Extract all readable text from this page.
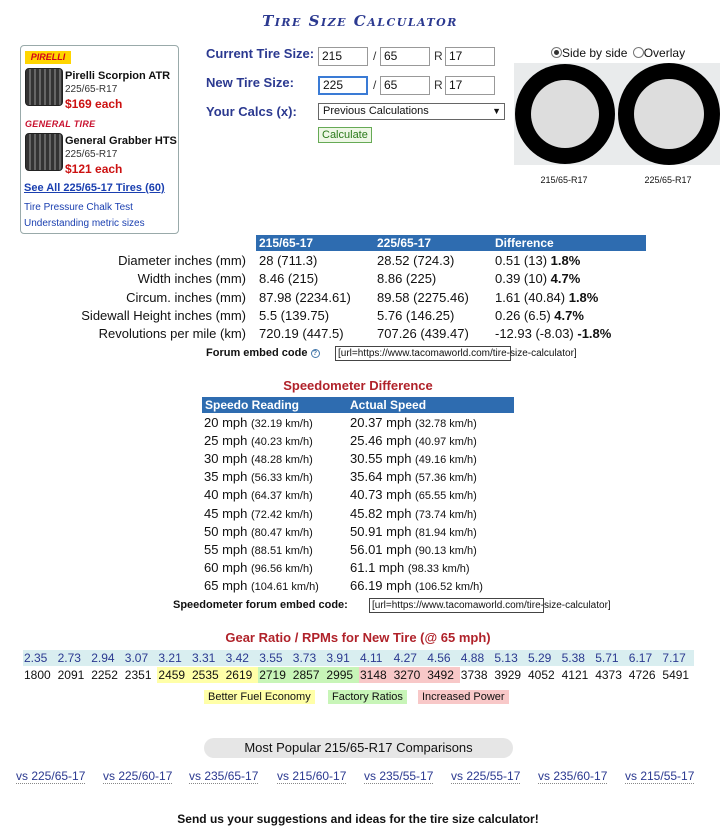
Tire Size Calculator
PIRELLI
Pirelli Scorpion ATR
225/65-R17
$169 each
GENERAL TIRE
General Grabber HTS
225/65-R17
$121 each
See All 225/65-17 Tires (60)
Tire Pressure Chalk Test
Understanding metric sizes
Current Tire Size: 215	/ 65	R 17
New Tire Size:	225	/ 65	R 17
Your Calcs (x):	Previous Calculations	▼
Calculate
Side by side Overlay
215/65-R17	225/65-R17
215/65-17	225/65-17	Difference
Diameter inches (mm) 28 (711.3)	28.52 (724.3)	0.51 (13) 1.8%
Width inches (mm) 8.46 (215)	8.86 (225)	0.39 (10) 4.7%
Circum. inches (mm) 87.98 (2234.61) 89.58 (2275.46) 1.61 (40.84) 1.8%
Sidewall Height inches (mm) 5.5 (139.75)	5.76 (146.25)	0.26 (6.5) 4.7%
Revolutions per mile (km) 720.19 (447.5)	707.26 (439.47) -12.93 (-8.03) -1.8%
Forum embed code ?	[url=https://www.tacomaworld.com/tire-size-calculator]
Speedometer Difference
Speedo Reading	Actual Speed
20 mph (32.19 km/h)	20.37 mph (32.78 km/h)
25 mph (40.23 km/h)	25.46 mph (40.97 km/h)
30 mph (48.28 km/h)	30.55 mph (49.16 km/h)
35 mph (56.33 km/h)	35.64 mph (57.36 km/h)
40 mph (64.37 km/h)	40.73 mph (65.55 km/h)
45 mph (72.42 km/h)	45.82 mph (73.74 km/h)
50 mph (80.47 km/h)	50.91 mph (81.94 km/h)
55 mph (88.51 km/h)	56.01 mph (90.13 km/h)
60 mph (96.56 km/h)	61.1 mph (98.33 km/h)
65 mph (104.61 km/h) 66.19 mph (106.52 km/h)
Speedometer forum embed code:	[url=https://www.tacomaworld.com/tire-size-calculator]
Gear Ratio / RPMs for New Tire (@ 65 mph)
2.35 2.73 2.94 3.07 3.21 3.31 3.42 3.55 3.73 3.91 4.11 4.27 4.56 4.88 5.13 5.29 5.38 5.71 6.17 7.17
1800 2091 2252 2351 2459 2535 2619 2719 2857 2995 3148 3270 3492 3738 3929 4052 4121 4373 4726 5491
Better Fuel Economy	Factory Ratios	Increased Power
Most Popular 215/65-R17 Comparisons
vs 225/65-17 vs 225/60-17 vs 235/65-17 vs 215/60-17 vs 235/55-17 vs 225/55-17 vs 235/60-17 vs 215/55-17
Send us your suggestions and ideas for the tire size calculator!
